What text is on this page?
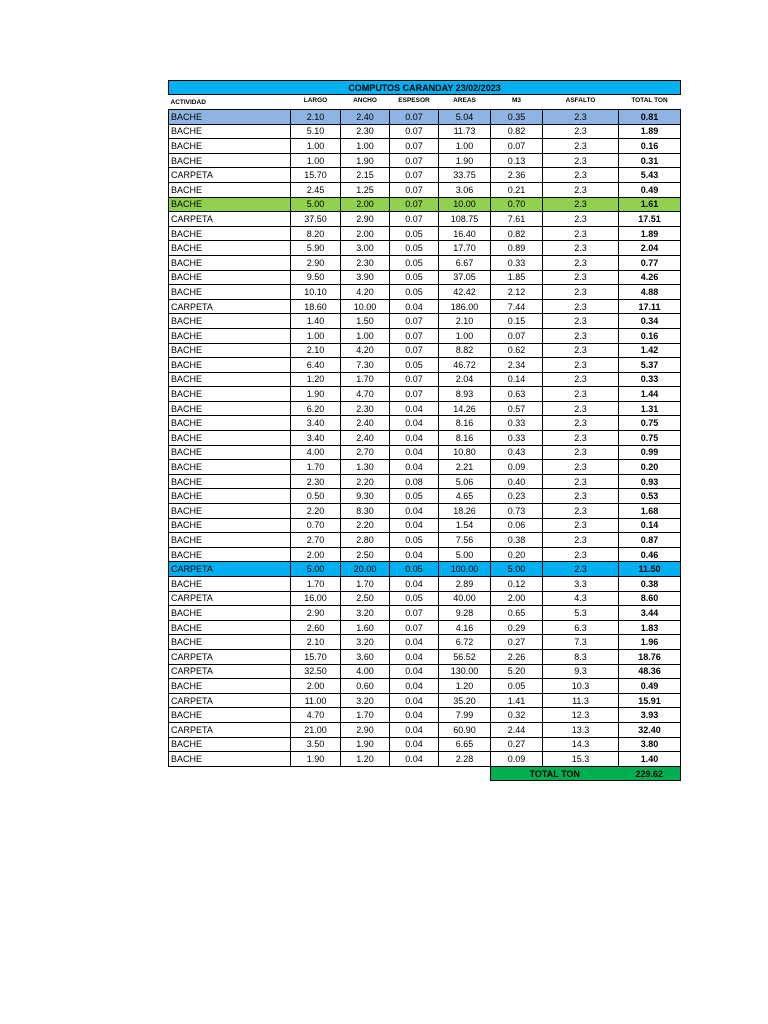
COMPUTOS CARANDAY 23/02/2023							
ACTIVIDAD	LARGO	ANCHO	ESPESOR	AREAS	M3	ASFALTO	TOTAL TON
BACHE	2.10	2.40	0.07	5.04	0.35	2.3	0.81
BACHE	5.10	2.30	0.07	11.73	0.82	2.3	1.89
BACHE	1.00	1.00	0.07	1.00	0.07	2.3	0.16
BACHE	1.00	1.90	0.07	1.90	0.13	2.3	0.31
CARPETA	15.70	2.15	0.07	33.75	2.36	2.3	5.43
BACHE	2.45	1.25	0.07	3.06	0.21	2.3	0.49
BACHE	5.00	2.00	0.07	10.00	0.70	2.3	1.61
CARPETA	37.50	2.90	0.07	108.75	7.61	2.3	17.51
BACHE	8.20	2.00	0.05	16.40	0.82	2.3	1.89
BACHE	5.90	3.00	0.05	17.70	0.89	2.3	2.04
BACHE	2.90	2.30	0.05	6.67	0.33	2.3	0.77
BACHE	9.50	3.90	0.05	37.05	1.85	2.3	4.26
BACHE	10.10	4.20	0.05	42.42	2.12	2.3	4.88
CARPETA	18.60	10.00	0.04	186.00	7.44	2.3	17.11
BACHE	1.40	1.50	0.07	2.10	0.15	2.3	0.34
BACHE	1.00	1.00	0.07	1.00	0.07	2.3	0.16
BACHE	2.10	4.20	0.07	8.82	0.62	2.3	1.42
BACHE	6.40	7.30	0.05	46.72	2.34	2.3	5.37
BACHE	1.20	1.70	0.07	2.04	0.14	2.3	0.33
BACHE	1.90	4.70	0.07	8.93	0.63	2.3	1.44
BACHE	6.20	2.30	0.04	14.26	0.57	2.3	1.31
BACHE	3.40	2.40	0.04	8.16	0.33	2.3	0.75
BACHE	3.40	2.40	0.04	8.16	0.33	2.3	0.75
BACHE	4.00	2.70	0.04	10.80	0.43	2.3	0.99
BACHE	1.70	1.30	0.04	2.21	0.09	2.3	0.20
BACHE	2.30	2.20	0.08	5.06	0.40	2.3	0.93
BACHE	0.50	9.30	0.05	4.65	0.23	2.3	0.53
BACHE	2.20	8.30	0.04	18.26	0.73	2.3	1.68
BACHE	0.70	2.20	0.04	1.54	0.06	2.3	0.14
BACHE	2.70	2.80	0.05	7.56	0.38	2.3	0.87
BACHE	2.00	2.50	0.04	5.00	0.20	2.3	0.46
CARPETA	5.00	20.00	0.05	100.00	5.00	2.3	11.50
BACHE	1.70	1.70	0.04	2.89	0.12	3.3	0.38
CARPETA	16.00	2.50	0.05	40.00	2.00	4.3	8.60
BACHE	2.90	3.20	0.07	9.28	0.65	5.3	3.44
BACHE	2.60	1.60	0.07	4.16	0.29	6.3	1.83
BACHE	2.10	3.20	0.04	6.72	0.27	7.3	1.96
CARPETA	15.70	3.60	0.04	56.52	2.26	8.3	18.76
CARPETA	32.50	4.00	0.04	130.00	5.20	9.3	48.36
BACHE	2.00	0.60	0.04	1.20	0.05	10.3	0.49
CARPETA	11.00	3.20	0.04	35.20	1.41	11.3	15.91
BACHE	4.70	1.70	0.04	7.99	0.32	12.3	3.93
CARPETA	21.00	2.90	0.04	60.90	2.44	13.3	32.40
BACHE	3.50	1.90	0.04	6.65	0.27	14.3	3.80
BACHE	1.90	1.20	0.04	2.28	0.09	15.3	1.40
					TOTAL TON		229.62
